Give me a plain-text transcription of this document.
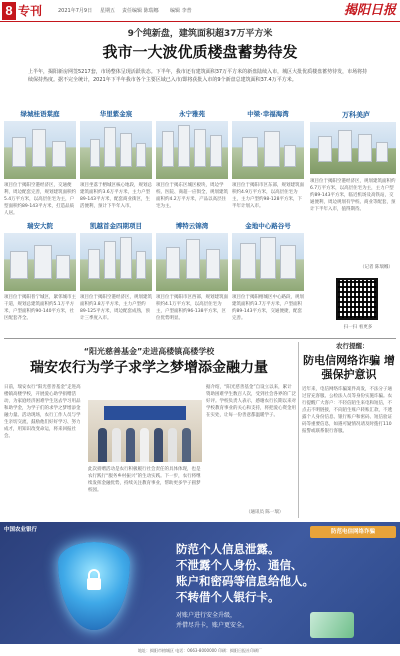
8 专刊	2021年7月9日 星期五 责任编辑 陈瑞娜 编辑 李普	揭阳日报
9个纯新盘，建筑面积超37万平方米
我市一大波优质楼盘蓄势待发
上半年，揭阳新房网签5217套，市场整体呈现活跃状态。下半年，我市还有建筑面积37万平方米的新盘陆续入市，城区大批优质楼盘蓄势待发，市场将持续保持热度。据不完全统计，2021年下半年我市各个主要区域已入市/即将获批入市的9个新盘总建筑面积37.4万平方米。
绿城桂语棠庭
项目位于揭阳空港经济区，交通便利，周边配套完善，规划建筑面积约5.4万平方米，以高层住宅为主，户型面积约89-143平方米，打造品质人居。
华里紫金宸
项目坐落于榕城区核心地段，规划总建筑面积约3.6万平方米，主力户型89-143平方米，配套商业街区，生活便利，预计下半年入市。
永宁雅苑
项目位于揭东区城区板块，周边学校、医院、商超一应俱全，规划建筑面积约4.2万平方米，产品以高层住宅为主。
中梁·幸福海湾
项目位于揭阳市区东部，规划建筑面积约4.9万平方米，以高层住宅为主，主力户型约98-128平方米，下半年计划入市。
瑞安大院
项目位于揭阳普宁城区，紧邻城市主干道，规划总建筑面积约5.1万平方米，户型面积约90-140平方米，社区配套齐全。
凯越首金四期项目
项目位于揭阳空港经济区，规划建筑面积约3.8万平方米，主力户型约89-125平方米，周边配套成熟，预计三季度入市。
博特云锦湾
项目位于揭阳市区西部，规划建筑面积约4.1万平方米，以高层住宅为主，户型面积约96-138平方米，区位优势明显。
金地中心路谷号
项目位于揭阳榕城区中心路段，规划建筑面积约3.7万平方米，户型面积约89-143平方米，交通便捷，配套完善。
万科美庐
项目位于揭阳空港经济区，规划建筑面积约6.7万平方米，以高层住宅为主，主力户型约89-143平方米，临近机场及高铁站，交通便利，周边规划有学校、商业等配套，预计下半年入市，值得期待。
（记者 陈瑞娜）
扫一扫 看更多
“阳光慈善基金”走进高楼镇高楼学校
瑞安农行为学子求学之梦增添金融力量
日前，瑞安农行“阳光慈善基金”走进高楼镇高楼学校，开展爱心助学捐赠活动，为家庭经济困难学生送去学习用品和助学金，为学子们的求学之梦增添金融力量。活动现场，农行工作人员与学生亲切交流，鼓励他们好好学习、努力成才，用知识改变命运，将来回报社会。
此次捐赠活动是农行积极履行社会责任的具体体现，也是农行践行“服务乡村振兴”的生动实践。下一步，农行将继续发挥金融优势，持续关注教育事业，帮助更多学子圆梦校园。
据介绍，“阳光慈善基金”自设立以来，累计资助困难学生数百人次，受到社会各界的广泛好评。学校负责人表示，感谢农行长期以来对学校教育事业的关心和支持，将把爱心资金用在实处，让每一份善意都温暖学子。
（通讯员 陈一瑞）
农行提醒：
防电信网络诈骗 增强保护意识
近年来，电信网络诈骗案件高发，不法分子通过冒充客服、公检法人员等身份实施诈骗。农行提醒广大客户：不轻信陌生来电和短信，不点击不明链接，不向陌生账户转账汇款，不透露个人身份信息、银行账户和密码、短信验证码等重要信息，如遇可疑情况请及时拨打110报警或联系银行客服。
中国农业银行	防范电信网络诈骗
防范个人信息泄露。
不泄露个人身份、通信、
账户和密码等信息给他人。
不转借个人银行卡。
对账户进行安全升级，
并借尽升卡，账户更安全。
地址：揭阳市榕城区 电话：0663-8000000 印刷：揭阳日报社印刷厂
